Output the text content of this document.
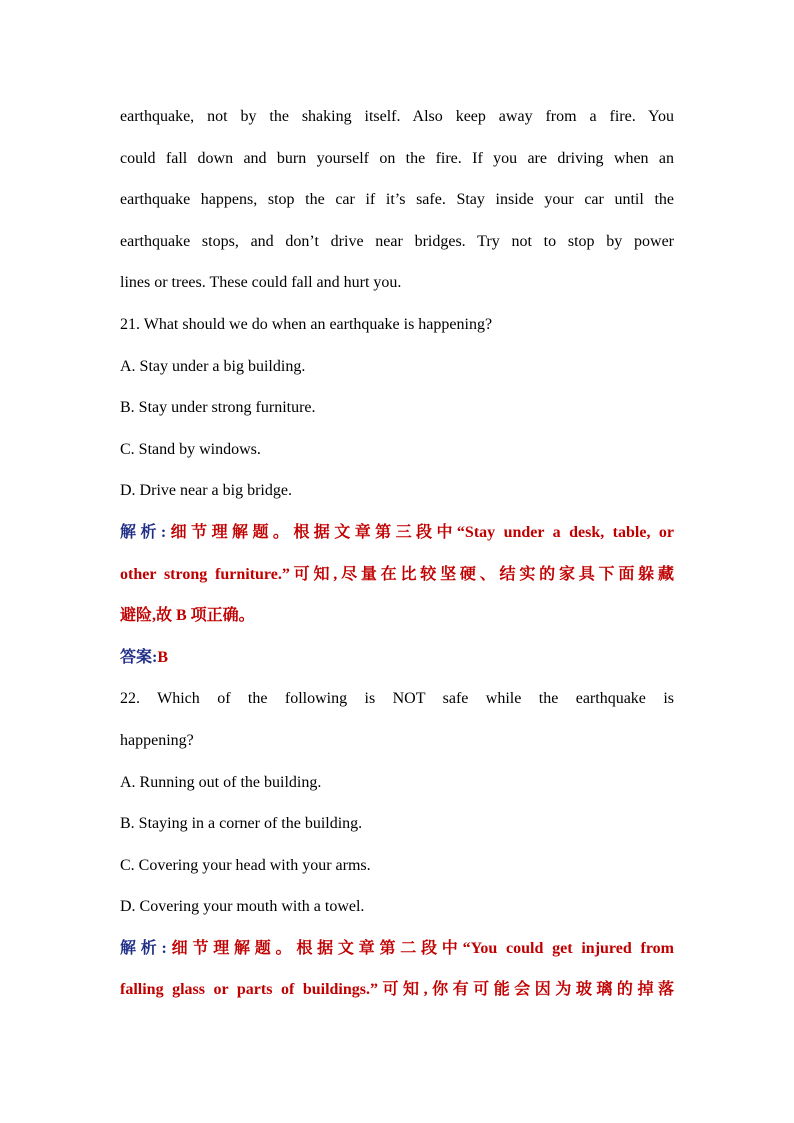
earthquake, not by the shaking itself. Also keep away from a fire. You
could fall down and burn yourself on the fire. If you are driving when an
earthquake happens, stop the car if it’s safe. Stay inside your car until the
earthquake stops, and don’t drive near bridges. Try not to stop by power
lines or trees. These could fall and hurt you.
21. What should we do when an earthquake is happening?
A. Stay under a big building.
B. Stay under strong furniture.
C. Stand by windows.
D. Drive near a big bridge.
解析:细节理解题。根据文章第三段中“Stay under a desk, table, or
other strong furniture.”可知,尽量在比较坚硬、结实的家具下面躲藏
避险,故 B 项正确。
答案:B
22. Which of the following is NOT safe while the earthquake is
happening?
A. Running out of the building.
B. Staying in a corner of the building.
C. Covering your head with your arms.
D. Covering your mouth with a towel.
解析:细节理解题。根据文章第二段中“You could get injured from
falling glass or parts of buildings.”可知,你有可能会因为玻璃的掉落
